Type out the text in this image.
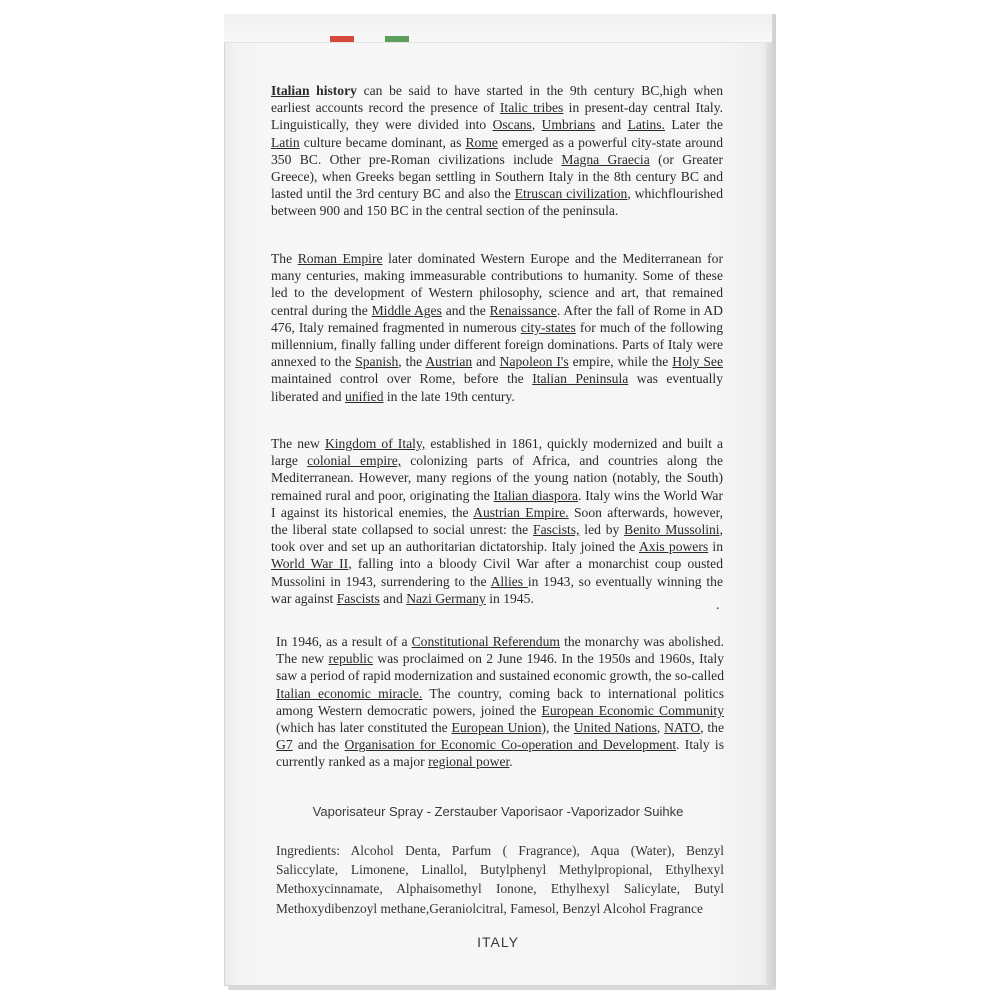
Italian history can be said to have started in the 9th century BC,high when earliest accounts record the presence of Italic tribes in present-day central Italy. Linguistically, they were divided into Oscans, Umbrians and Latins. Later the Latin culture became dominant, as Rome emerged as a powerful city-state around 350 BC. Other pre-Roman civilizations include Magna Graecia (or Greater Greece), when Greeks began settling in Southern Italy in the 8th century BC and lasted until the 3rd century BC and also the Etruscan civilization, whichflourished between 900 and 150 BC in the central section of the peninsula.
The Roman Empire later dominated Western Europe and the Mediterranean for many centuries, making immeasurable contributions to humanity. Some of these led to the development of Western philosophy, science and art, that remained central during the Middle Ages and the Renaissance. After the fall of Rome in AD 476, Italy remained fragmented in numerous city-states for much of the following millennium, finally falling under different foreign dominations. Parts of Italy were annexed to the Spanish, the Austrian and Napoleon I's empire, while the Holy See maintained control over Rome, before the Italian Peninsula was eventually liberated and unified in the late 19th century.
The new Kingdom of Italy, established in 1861, quickly modernized and built a large colonial empire, colonizing parts of Africa, and countries along the Mediterranean. However, many regions of the young nation (notably, the South) remained rural and poor, originating the Italian diaspora. Italy wins the World War I against its historical enemies, the Austrian Empire. Soon afterwards, however, the liberal state collapsed to social unrest: the Fascists, led by Benito Mussolini, took over and set up an authoritarian dictatorship. Italy joined the Axis powers in World War II, falling into a bloody Civil War after a monarchist coup ousted Mussolini in 1943, surrendering to the Allies in 1943, so eventually winning the war against Fascists and Nazi Germany in 1945.	.
In 1946, as a result of a Constitutional Referendum the monarchy was abolished. The new republic was proclaimed on 2 June 1946. In the 1950s and 1960s, Italy saw a period of rapid modernization and sustained economic growth, the so-called Italian economic miracle. The country, coming back to international politics among Western democratic powers, joined the European Economic Community (which has later constituted the European Union), the United Nations, NATO, the G7 and the Organisation for Economic Co-operation and Development. Italy is currently ranked as a major regional power.
Vaporisateur Spray - Zerstauber Vaporisaor -Vaporizador Suihke
Ingredients: Alcohol Denta, Parfum ( Fragrance), Aqua (Water), Benzyl Saliccylate, Limonene, Linallol, Butylphenyl Methylpropional, Ethylhexyl Methoxycinnamate, Alphaisomethyl Ionone, Ethylhexyl Salicylate, Butyl Methoxydibenzoyl methane,Geraniolcitral, Famesol, Benzyl Alcohol Fragrance
ITALY
